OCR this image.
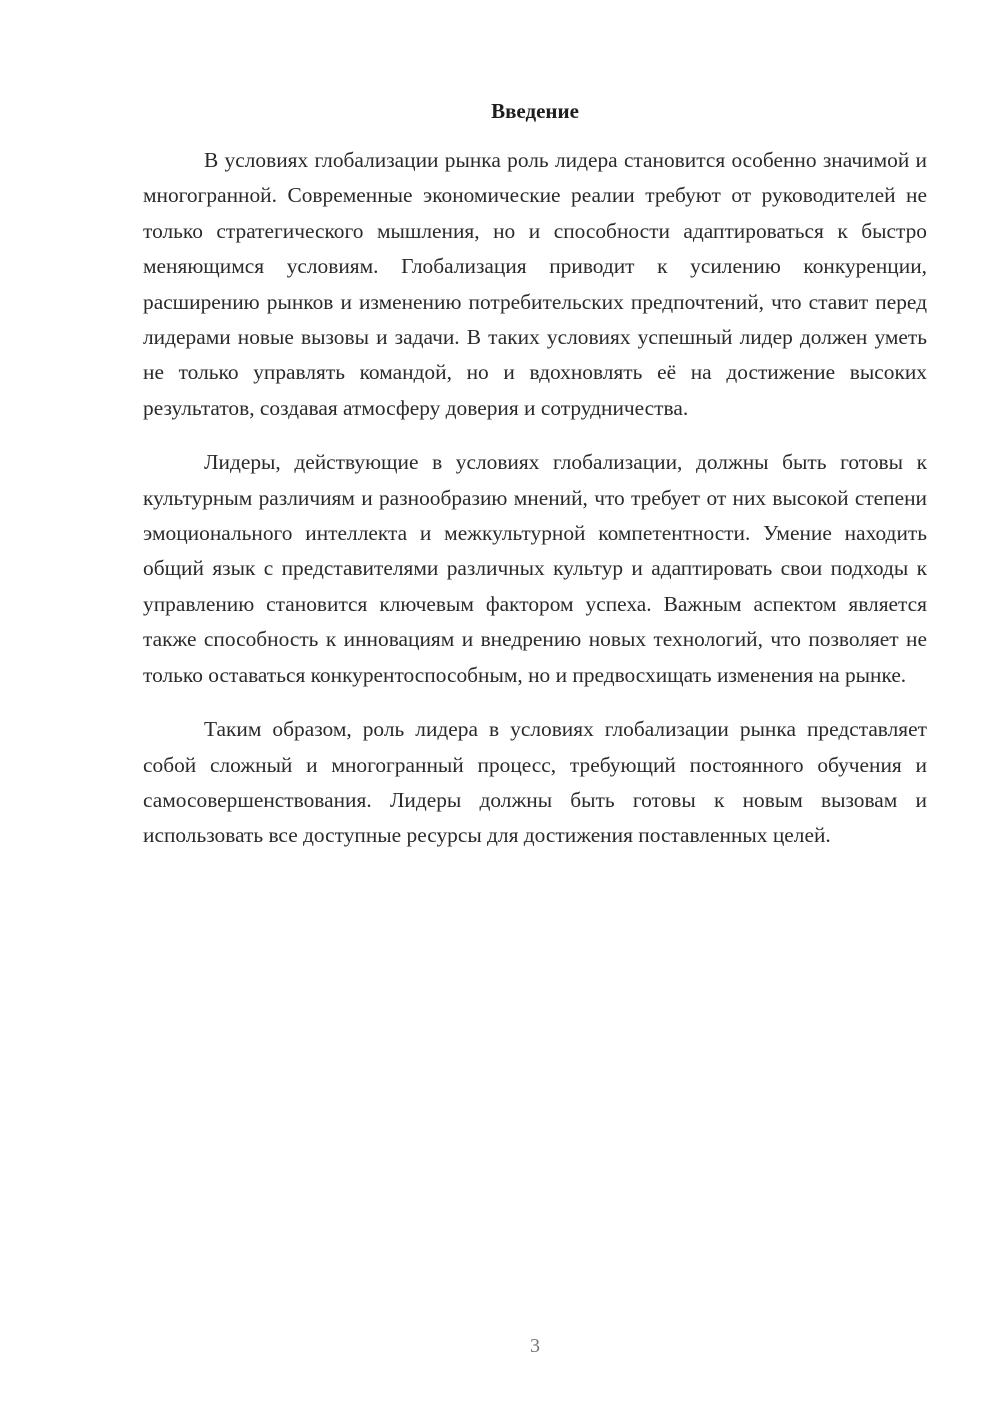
Введение

В условиях глобализации рынка роль лидера становится особенно значимой и многогранной. Современные экономические реалии требуют от руководителей не только стратегического мышления, но и способности адаптироваться к быстро меняющимся условиям. Глобализация приводит к усилению конкуренции, расширению рынков и изменению потребительских предпочтений, что ставит перед лидерами новые вызовы и задачи. В таких условиях успешный лидер должен уметь не только управлять командой, но и вдохновлять её на достижение высоких результатов, создавая атмосферу доверия и сотрудничества.

Лидеры, действующие в условиях глобализации, должны быть готовы к культурным различиям и разнообразию мнений, что требует от них высокой степени эмоционального интеллекта и межкультурной компетентности. Умение находить общий язык с представителями различных культур и адаптировать свои подходы к управлению становится ключевым фактором успеха. Важным аспектом является также способность к инновациям и внедрению новых технологий, что позволяет не только оставаться конкурентоспособным, но и предвосхищать изменения на рынке.

Таким образом, роль лидера в условиях глобализации рынка представляет собой сложный и многогранный процесс, требующий постоянного обучения и самосовершенствования. Лидеры должны быть готовы к новым вызовам и использовать все доступные ресурсы для достижения поставленных целей.

3
